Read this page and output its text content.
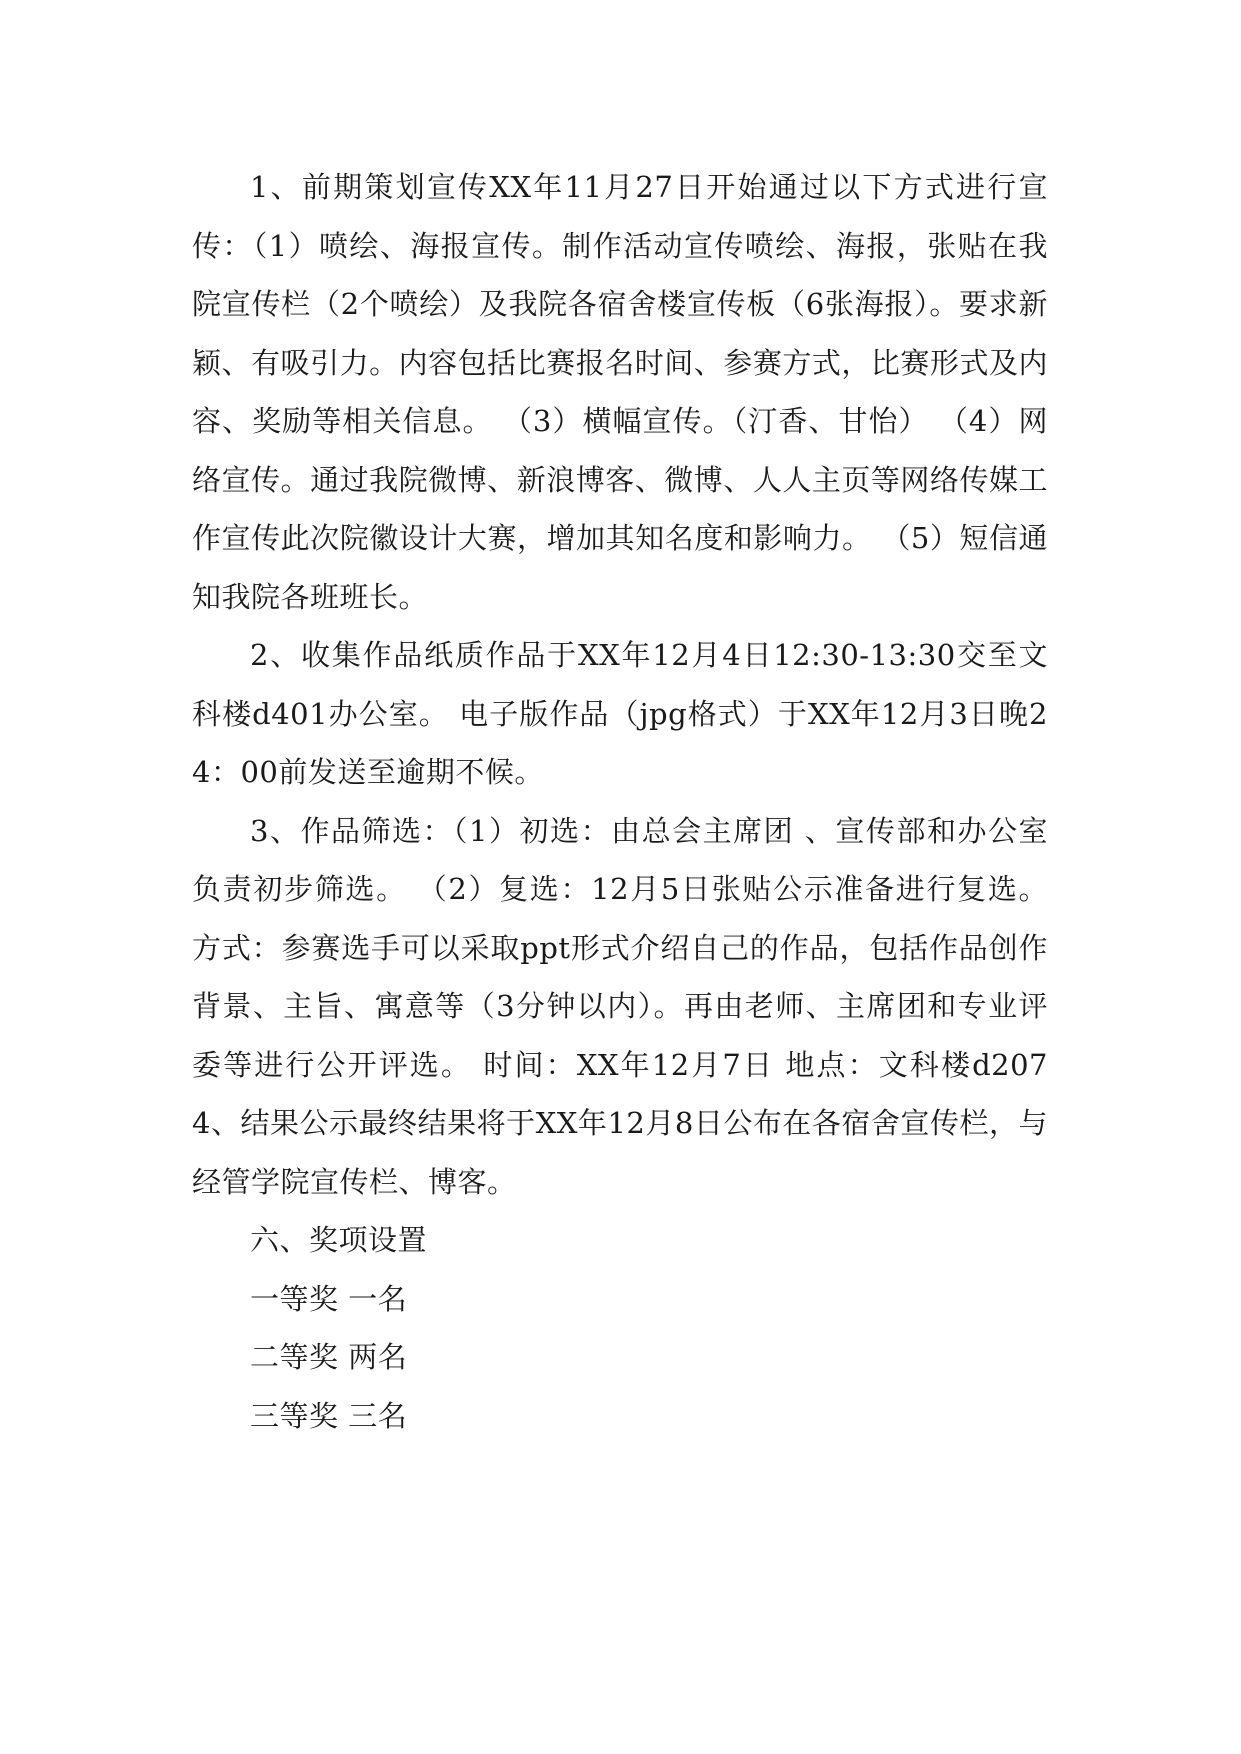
1、前期策划宣传XX年11月27日开始通过以下方式进行宣传：（1）喷绘、海报宣传。制作活动宣传喷绘、海报，张贴在我院宣传栏（2个喷绘）及我院各宿舍楼宣传板（6张海报）。要求新颖、有吸引力。内容包括比赛报名时间、参赛方式，比赛形式及内容、奖励等相关信息。 （3）横幅宣传。（汀香、甘怡） （4）网络宣传。通过我院微博、新浪博客、微博、人人主页等网络传媒工作宣传此次院徽设计大赛，增加其知名度和影响力。 （5）短信通知我院各班班长。

2、收集作品纸质作品于XX年12月4日12:30-13:30交至文科楼d401办公室。 电子版作品（jpg格式）于XX年12月3日晚24：00前发送至逾期不候。

3、作品筛选：（1）初选：由总会主席团 、宣传部和办公室负责初步筛选。 （2）复选：12月5日张贴公示准备进行复选。 方式：参赛选手可以采取ppt形式介绍自己的作品，包括作品创作背景、主旨、寓意等（3分钟以内）。再由老师、主席团和专业评委等进行公开评选。 时间：XX年12月7日 地点：文科楼d2074、结果公示最终结果将于XX年12月8日公布在各宿舍宣传栏，与经管学院宣传栏、博客。

六、奖项设置

一等奖 一名

二等奖 两名

三等奖 三名
